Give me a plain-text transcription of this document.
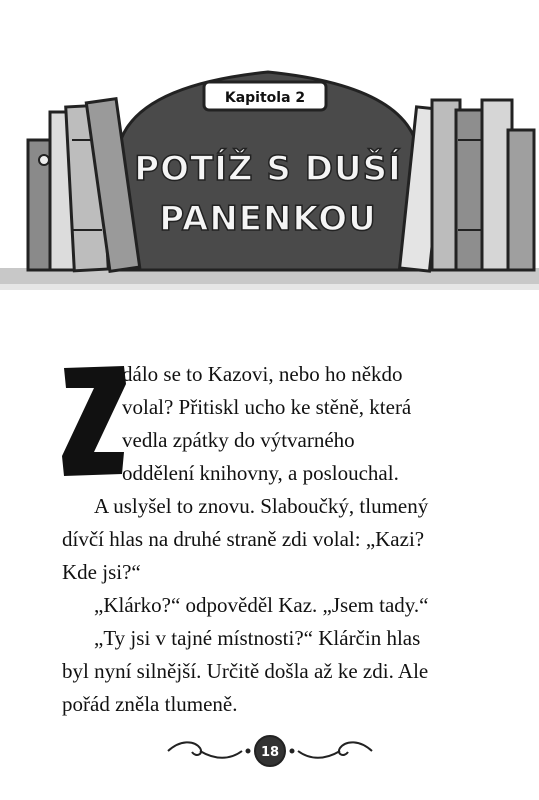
Kapitola 2
POTÍŽ S DUŠÍ
PANENKOU
Z
dálo se to Kazovi, nebo ho někdo
volal? Přitiskl ucho ke stěně, která
vedla zpátky do výtvarného
oddělení knihovny, a poslouchal.
A uslyšel to znovu. Slaboučký, tlumený
dívčí hlas na druhé straně zdi volal: „Kazi?
Kde jsi?“
„Klárko?“ odpověděl Kaz. „Jsem tady.“
„Ty jsi v tajné místnosti?“ Klárčin hlas
byl nyní silnější. Určitě došla až ke zdi. Ale
pořád zněla tlumeně.
18
